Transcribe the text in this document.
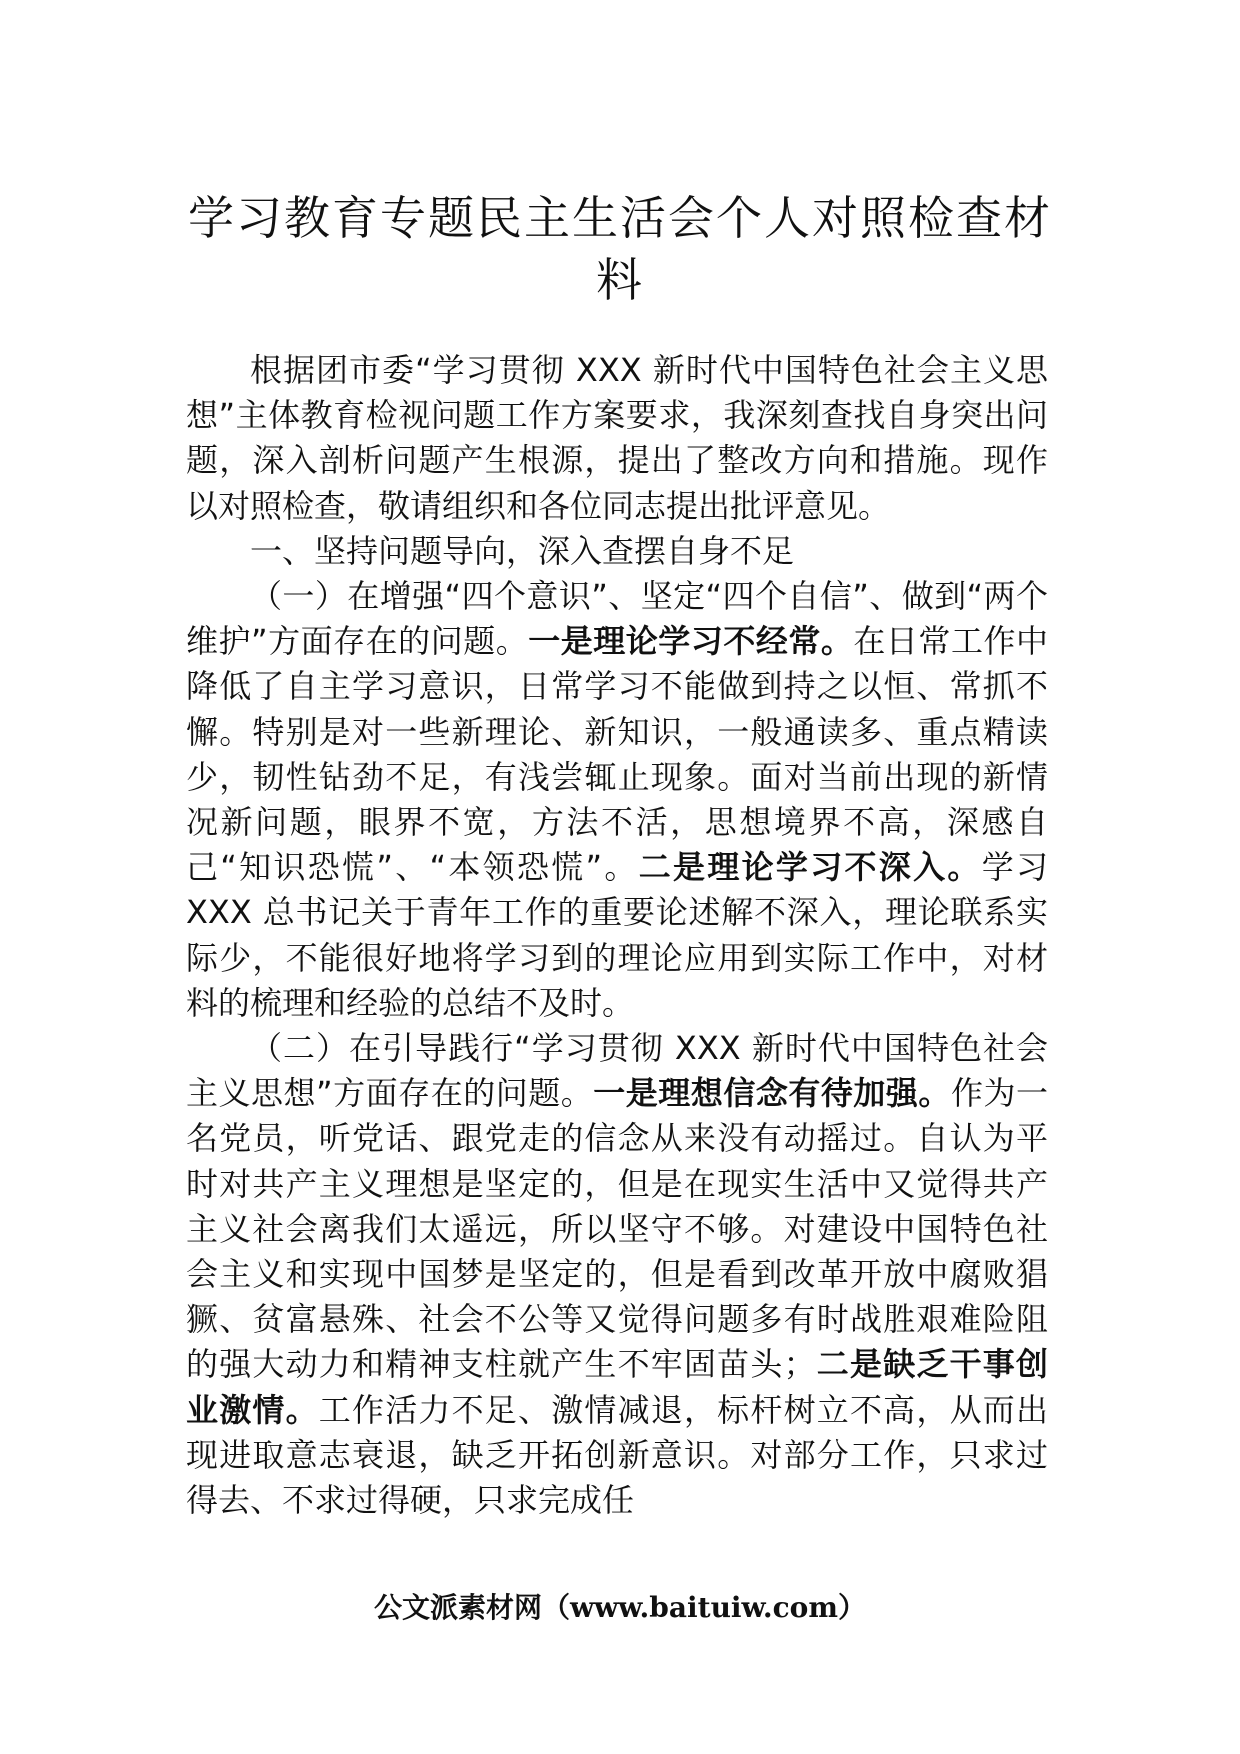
学习教育专题民主生活会个人对照检查材
料

根据团市委“学习贯彻 XXX 新时代中国特色社会主义思想”主体教育检视问题工作方案要求，我深刻查找自身突出问题，深入剖析问题产生根源，提出了整改方向和措施。现作以对照检查，敬请组织和各位同志提出批评意见。

一、坚持问题导向，深入查摆自身不足

（一）在增强“四个意识”、坚定“四个自信”、做到“两个维护”方面存在的问题。一是理论学习不经常。在日常工作中降低了自主学习意识，日常学习不能做到持之以恒、常抓不懈。特别是对一些新理论、新知识，一般通读多、重点精读少，韧性钻劲不足，有浅尝辄止现象。面对当前出现的新情况新问题，眼界不宽，方法不活，思想境界不高，深感自己“知识恐慌”、“本领恐慌”。二是理论学习不深入。学习 XXX 总书记关于青年工作的重要论述解不深入，理论联系实际少，不能很好地将学习到的理论应用到实际工作中，对材料的梳理和经验的总结不及时。

（二）在引导践行“学习贯彻 XXX 新时代中国特色社会主义思想”方面存在的问题。一是理想信念有待加强。作为一名党员，听党话、跟党走的信念从来没有动摇过。自认为平时对共产主义理想是坚定的，但是在现实生活中又觉得共产主义社会离我们太遥远，所以坚守不够。对建设中国特色社会主义和实现中国梦是坚定的，但是看到改革开放中腐败猖獗、贫富悬殊、社会不公等又觉得问题多有时战胜艰难险阻的强大动力和精神支柱就产生不牢固苗头；二是缺乏干事创业激情。工作活力不足、激情减退，标杆树立不高，从而出现进取意志衰退，缺乏开拓创新意识。对部分工作，只求过得去、不求过得硬，只求完成任

公文派素材网（www.baituiw.com）
